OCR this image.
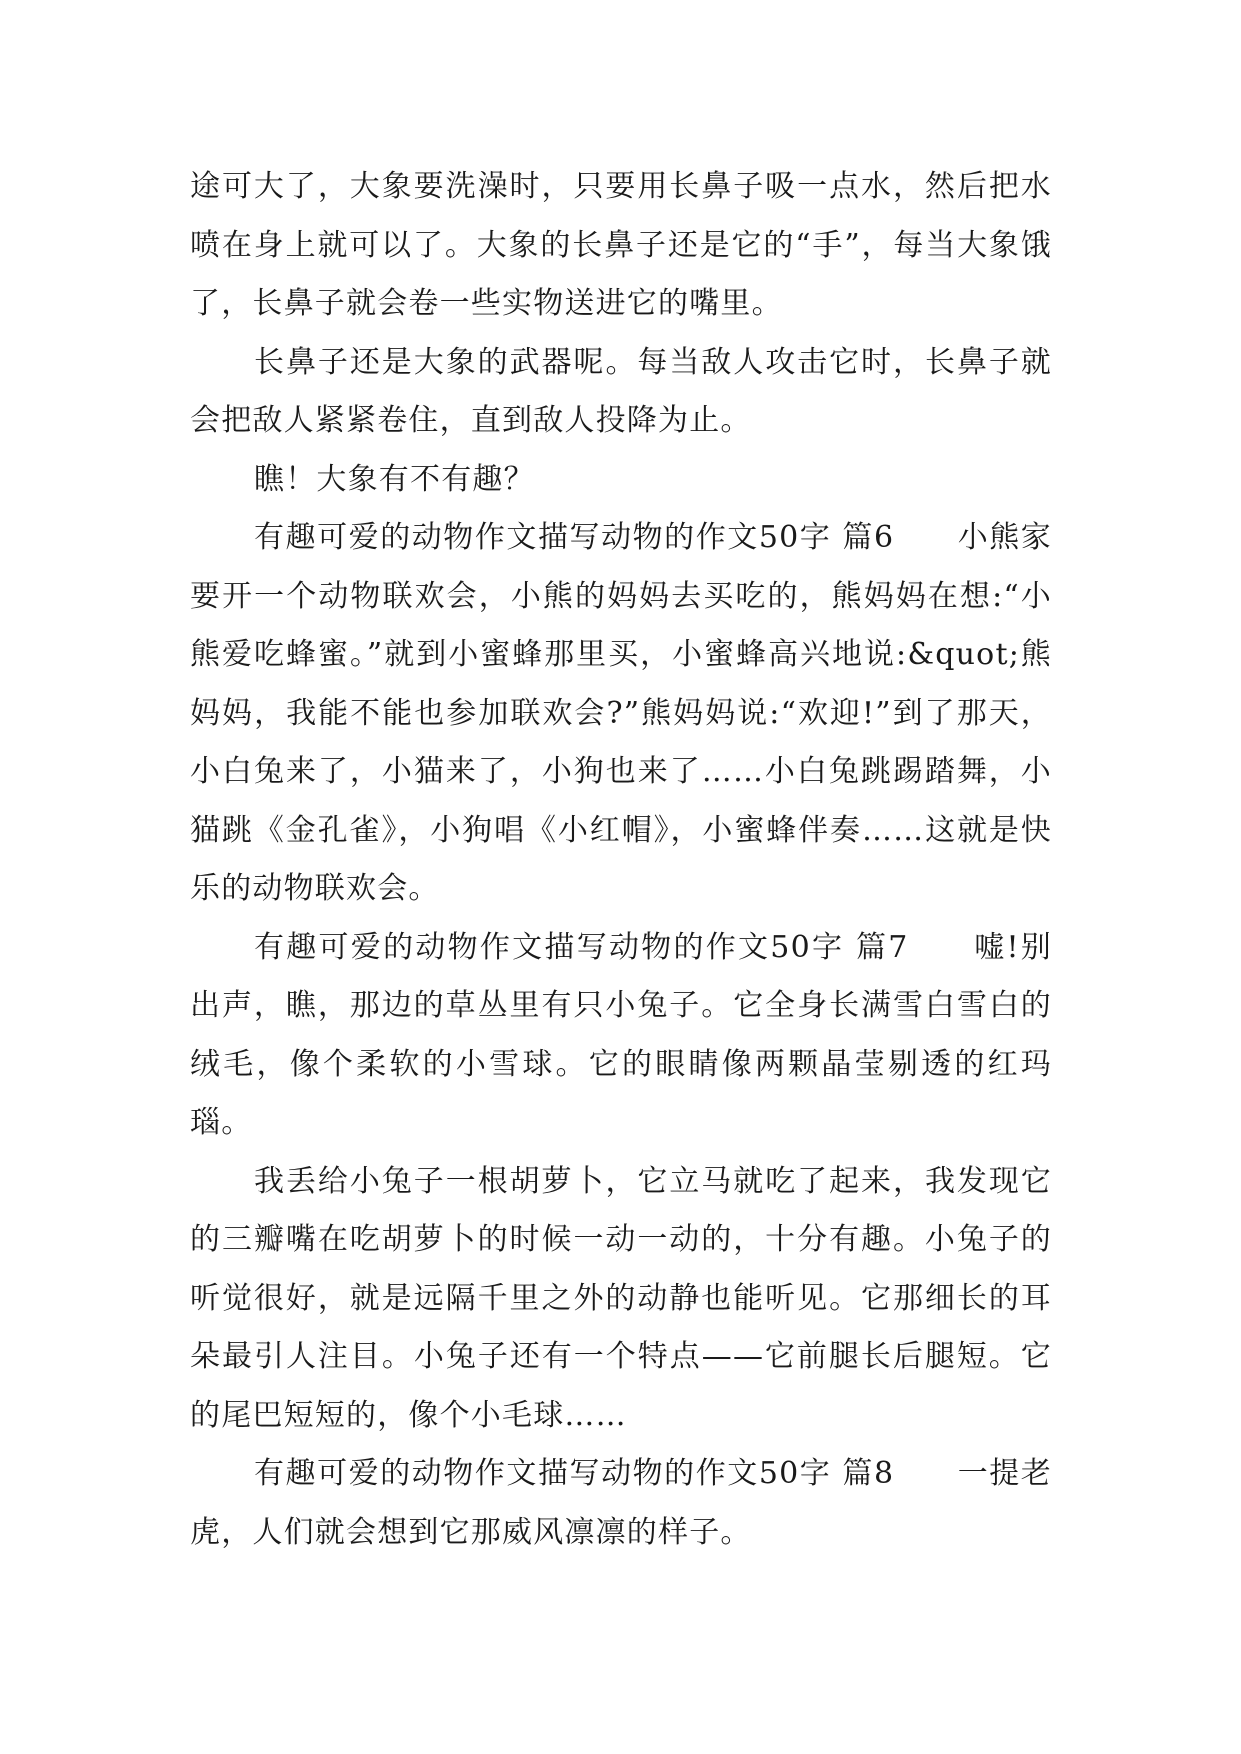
途可大了，大象要洗澡时，只要用长鼻子吸一点水，然后把水喷在身上就可以了。大象的长鼻子还是它的“手”，每当大象饿了，长鼻子就会卷一些实物送进它的嘴里。

长鼻子还是大象的武器呢。每当敌人攻击它时，长鼻子就会把敌人紧紧卷住，直到敌人投降为止。

瞧！大象有不有趣？

有趣可爱的动物作文描写动物的作文50字 篇6　　小熊家要开一个动物联欢会，小熊的妈妈去买吃的，熊妈妈在想:“小熊爱吃蜂蜜。”就到小蜜蜂那里买，小蜜蜂高兴地说:&quot;熊妈妈，我能不能也参加联欢会?”熊妈妈说:“欢迎!”到了那天，小白兔来了，小猫来了，小狗也来了……小白兔跳踢踏舞，小猫跳《金孔雀》，小狗唱《小红帽》，小蜜蜂伴奏……这就是快乐的动物联欢会。

有趣可爱的动物作文描写动物的作文50字 篇7　　嘘!别出声，瞧，那边的草丛里有只小兔子。它全身长满雪白雪白的绒毛，像个柔软的小雪球。它的眼睛像两颗晶莹剔透的红玛瑙。

我丢给小兔子一根胡萝卜，它立马就吃了起来，我发现它的三瓣嘴在吃胡萝卜的时候一动一动的，十分有趣。小兔子的听觉很好，就是远隔千里之外的动静也能听见。它那细长的耳朵最引人注目。小兔子还有一个特点——它前腿长后腿短。它的尾巴短短的，像个小毛球……

有趣可爱的动物作文描写动物的作文50字 篇8　　一提老虎，人们就会想到它那威风凛凛的样子。
